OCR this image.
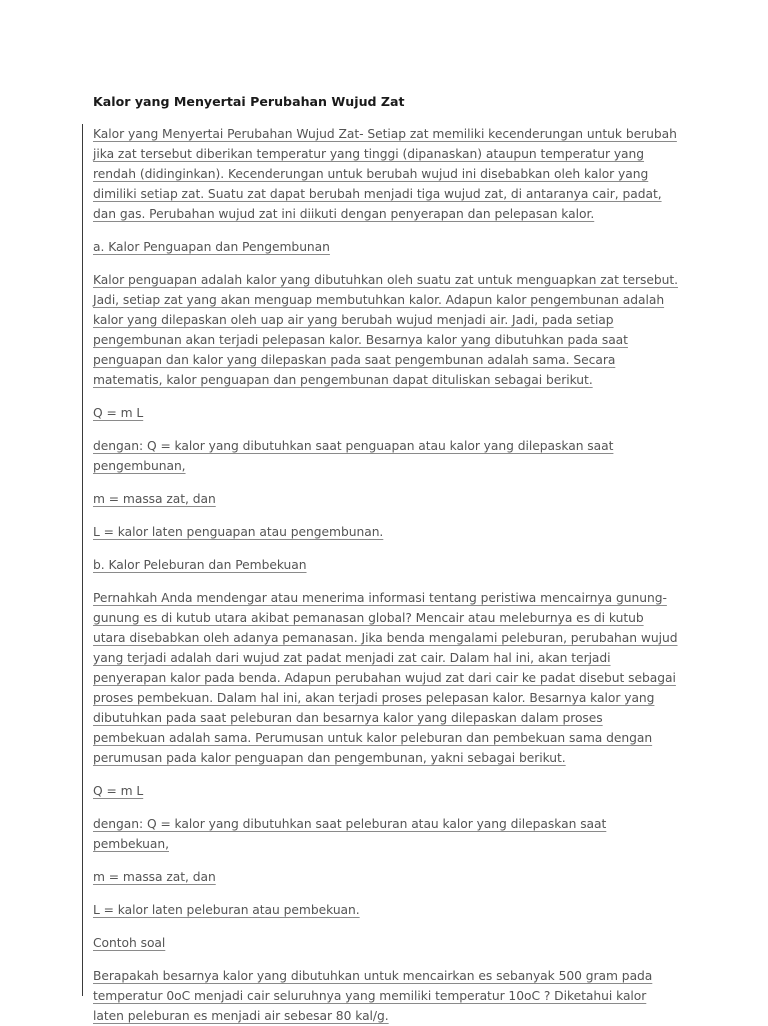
Kalor yang Menyertai Perubahan Wujud Zat

Kalor yang Menyertai Perubahan Wujud Zat- Setiap zat memiliki kecenderungan untuk berubah jika zat tersebut diberikan temperatur yang tinggi (dipanaskan) ataupun temperatur yang rendah (didinginkan). Kecenderungan untuk berubah wujud ini disebabkan oleh kalor yang dimiliki setiap zat. Suatu zat dapat berubah menjadi tiga wujud zat, di antaranya cair, padat, dan gas. Perubahan wujud zat ini diikuti dengan penyerapan dan pelepasan kalor.

a. Kalor Penguapan dan Pengembunan

Kalor penguapan adalah kalor yang dibutuhkan oleh suatu zat untuk menguapkan zat tersebut. Jadi, setiap zat yang akan menguap membutuhkan kalor. Adapun kalor pengembunan adalah kalor yang dilepaskan oleh uap air yang berubah wujud menjadi air. Jadi, pada setiap pengembunan akan terjadi pelepasan kalor. Besarnya kalor yang dibutuhkan pada saat penguapan dan kalor yang dilepaskan pada saat pengembunan adalah sama. Secara matematis, kalor penguapan dan pengembunan dapat dituliskan sebagai berikut.

Q = m L

dengan: Q = kalor yang dibutuhkan saat penguapan atau kalor yang dilepaskan saat pengembunan,

m = massa zat, dan

L = kalor laten penguapan atau pengembunan.

b. Kalor Peleburan dan Pembekuan

Pernahkah Anda mendengar atau menerima informasi tentang peristiwa mencairnya gunung-gunung es di kutub utara akibat pemanasan global? Mencair atau meleburnya es di kutub utara disebabkan oleh adanya pemanasan. Jika benda mengalami peleburan, perubahan wujud yang terjadi adalah dari wujud zat padat menjadi zat cair. Dalam hal ini, akan terjadi penyerapan kalor pada benda. Adapun perubahan wujud zat dari cair ke padat disebut sebagai proses pembekuan. Dalam hal ini, akan terjadi proses pelepasan kalor. Besarnya kalor yang dibutuhkan pada saat peleburan dan besarnya kalor yang dilepaskan dalam proses pembekuan adalah sama. Perumusan untuk kalor peleburan dan pembekuan sama dengan perumusan pada kalor penguapan dan pengembunan, yakni sebagai berikut.

Q = m L

dengan: Q = kalor yang dibutuhkan saat peleburan atau kalor yang dilepaskan saat pembekuan,

m = massa zat, dan

L = kalor laten peleburan atau pembekuan.

Contoh soal

Berapakah besarnya kalor yang dibutuhkan untuk mencairkan es sebanyak 500 gram pada temperatur 0oC menjadi cair seluruhnya yang memiliki temperatur 10oC ? Diketahui kalor laten peleburan es menjadi air sebesar 80 kal/g.
